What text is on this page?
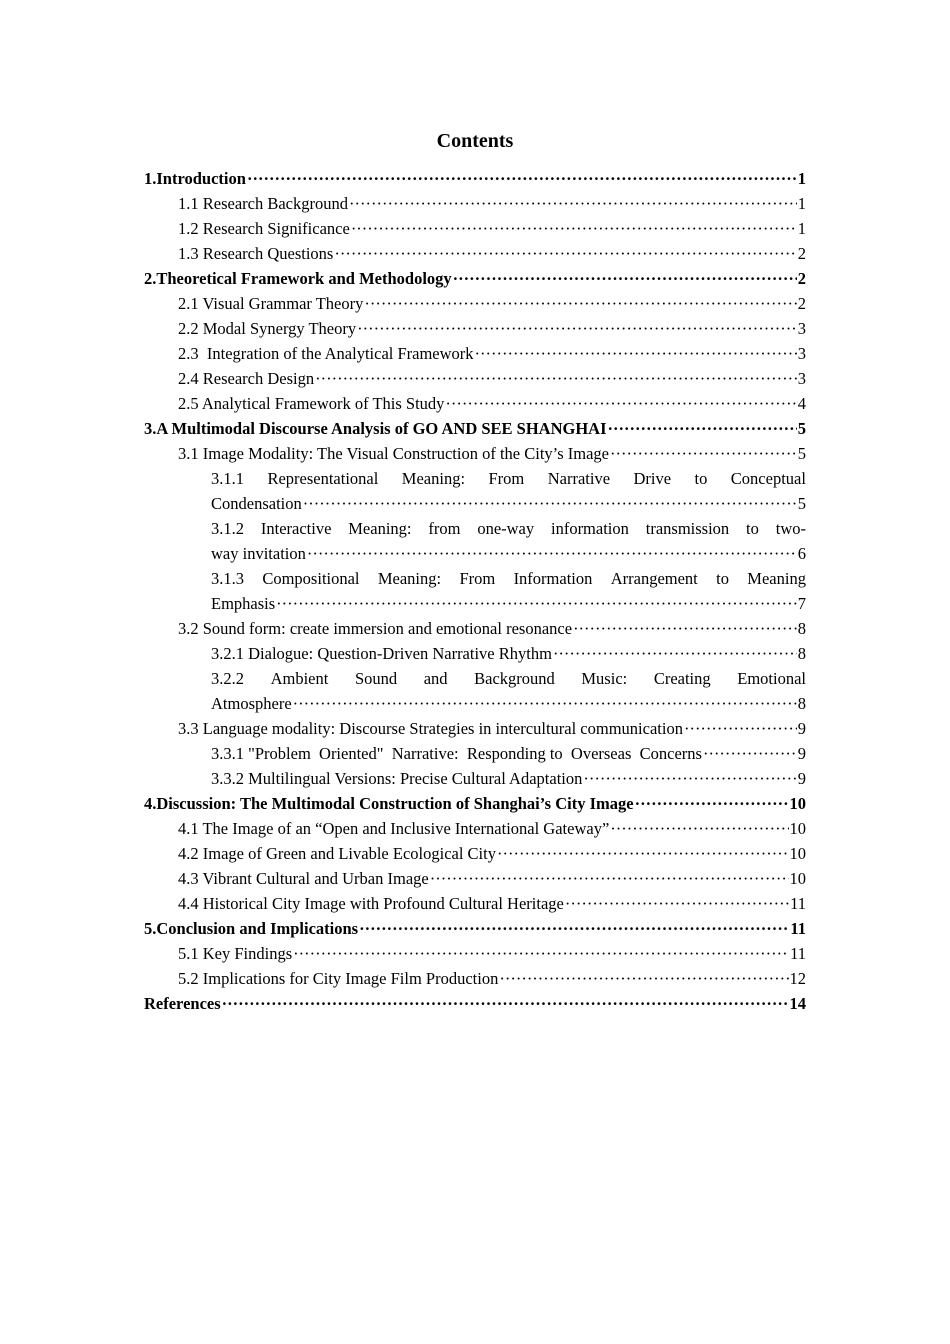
Contents
1.Introduction ·····	1
1.1 Research Background ·····	1
1.2 Research Significance ·····	1
1.3 Research Questions ·····	2
2.Theoretical Framework and Methodology ·····	2
2.1 Visual Grammar Theory ·····	2
2.2 Modal Synergy Theory ·····	3
2.3  Integration of the Analytical Framework ·····	3
2.4 Research Design ·····	3
2.5 Analytical Framework of This Study ·····	4
3.A Multimodal Discourse Analysis of GO AND SEE SHANGHAI ·····	5
3.1 Image Modality: The Visual Construction of the City’s Image ·····	5
3.1.1 Representational Meaning: From Narrative Drive to Conceptual
Condensation ·····	5
3.1.2 Interactive Meaning: from one-way information transmission to two-
way invitation ·····	6
3.1.3 Compositional Meaning: From Information Arrangement to Meaning
Emphasis ·····	7
3.2 Sound form: create immersion and emotional resonance ·····	8
3.2.1 Dialogue: Question-Driven Narrative Rhythm ·····	8
3.2.2 Ambient Sound and Background Music: Creating Emotional
Atmosphere ·····	8
3.3 Language modality: Discourse Strategies in intercultural communication ·····	9
3.3.1 "Problem  Oriented"  Narrative:  Responding to  Overseas  Concerns ·····	9
3.3.2 Multilingual Versions: Precise Cultural Adaptation ·····	9
4.Discussion: The Multimodal Construction of Shanghai’s City Image ·····	10
4.1 The Image of an “Open and Inclusive International Gateway” ·····	10
4.2 Image of Green and Livable Ecological City ·····	10
4.3 Vibrant Cultural and Urban Image ·····	10
4.4 Historical City Image with Profound Cultural Heritage ·····	11
5.Conclusion and Implications ·····	11
5.1 Key Findings ·····	11
5.2 Implications for City Image Film Production ·····	12
References ·····	14
